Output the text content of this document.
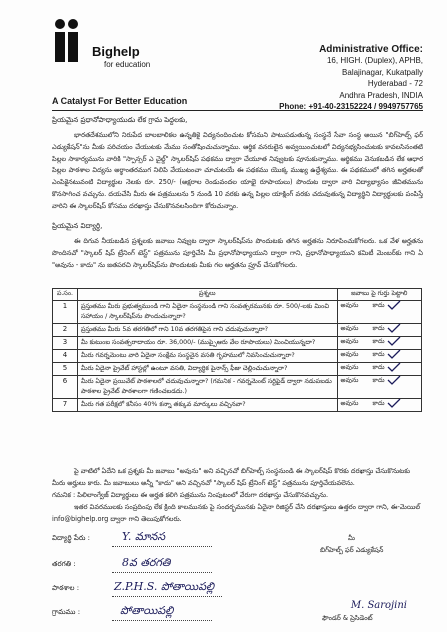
Bighelp
for education
A Catalyst For Better Education
Administrative Office:
16, HIGH. (Duplex), APHB,
Balajinagar, Kukatpally
Hyderabad - 72
Andhra Pradesh, INDIA
Phone: +91-40-23152224 / 9949757765
ప్రియమైన ప్రధానోపాధ్యాయుడు లేక గ్రామ పెద్దలకు,
భారతదేశములోని నిరుపేద బాలబాలికల ఉన్నతికై విద్యనందించుట కోసమని పాటుపడుతున్న సంస్థనే సేవా సంస్థ అయిన "బిగ్‌హెల్ప్ ఫర్ ఎడ్యుకేషన్"ను మీకు పరిచయం చేయుటకు మేము సంతోషించుచున్నాము. ఆర్థిక వనరులైన అవ్వయించుటలో విద్యనభ్యసించుటకు కావలసినంతటి పిల్లల సాకార్యమును వారికి "స్పాన్సర్ ఎ చైల్డ్" స్కాలర్‌షిప్ పథకము ద్వారా చేయూత నివ్వుటకు పూనుకున్నాము. ఆర్థికము వెనుకబడిన లేక ఆధార పిల్లల పాఠశాల విద్యను అర్థాంతరముగ నిలిపి వేయుటంచా చూచుటయే ఈ పథకము యొక్క ముఖ్య ఉద్దేశ్యము. ఈ పథకములో తగిన అర్హతలతో ఎంపికైనటువంటి విద్యార్థుల నెలకు రూ. 250/- (అక్షరాల రెండువందల యాభై రూపాయలు) పొందుట ద్వారా వారి విద్యాభ్యాసం జీవితమును కొనసాగించ వచ్చును. దయచేసి మీరు ఈ పత్రములను 5 నుండి 10 వరకు ఉన్న పిల్లల యాక్షింగ్ వరకు చదువుతున్న విద్యార్థిని విద్యార్థులకు పంపిస్తే వారిని ఈ స్కాలర్‌షిప్ కోసము దరఖాస్తు చేసుకొనవలసిందిగా కోరుచున్నాం.
ప్రియమైన విద్యార్థి,
ఈ దిగువ నీయబడిన ప్రశ్నలకు జవాబు నివ్వుట ద్వారా స్కాలర్‌షిప్‌ను పొందుటకు తగిన అర్హతను నిరూపించుకోగలరు. ఒక వేళ అర్హతను పొందినచో "స్కాలర్ షిప్ ట్రేనింగ్ టెస్ట్" పత్రమును పూర్తిచేసి మీ ప్రధానోపాధ్యాయుని ద్వారా గాని, ప్రధానోపాధ్యాయుని కమిటీ మెంబర్‌కు గాని ఏ "అవును - కాదు" ను జతపరచి స్కాలర్‌షిప్‌ను పొందుటకు మీకు గల అర్హతను ప్రూవ్ చేసుకోగలరు.
ప.సం.	ప్రశ్నలు	జవాబు పై గుర్తు పెట్టాలి
1	ప్రస్తుతము మీరు ప్రభుత్వముండి గాని ఏదైనా సంస్థనుండి గాని సంవత్సరమునకు రూ. 500/-లకు మించి సహాయం / స్కాలర్‌షిప్‌ను పొందుచున్నారా?	అవును కాదు

2	ప్రస్తుతము మీరు 5వ తరగతిలో గాని 10వ తరగతిపైన గాని చదువుచున్నారా?	అవును కాదు

3	మీ కుటుంబ సంవత్సరాదాయం రూ. 36,000/- (ముప్పైఆరు వేల రూపాయలు) మించియున్నదా?	అవును కాదు

4	మీరు గవర్నమెంటు వారి ఏదైనా సంక్షేమ సంస్థనైన వసతి గృహములో నివసించుచున్నారా?	అవును కాదు

5	మీరు ఏదైనా ప్రైవేట్ హాస్టల్లో ఉంటూ వసతి, విద్యార్థిక పైనాన్స్ ఫీజు చెల్లించుచున్నారా?	అవును కాదు

6	మీరు ఏదైనా ప్రయివేట్ పాఠశాలలో చదువుచున్నారా? (గమనిక - గవర్నమెంట్ సర్టిఫైడ్ ద్వారా నడుపబడు పాఠశాల ప్రైవేట్ పాఠశాలగా గణించబడదు.)	అవును కాదు

7	మీరు గత పరీక్షలో కనీసం 40% కన్నా తక్కువ మార్కులు వచ్చినవా?	అవును కాదు
పై వాటిలో ఏదేని ఒక ప్రశ్నకు మీ జవాబు "అవును" అని వచ్చినచో బిగ్‌హెల్ప్ సంస్థనుండి ఈ స్కాలర్‌షిప్ కొరకు దరఖాస్తు చేసుకొనుటకు మీరు అర్హులు కారు. మీ జవాబులు అన్నీ "కాదు" అని వచ్చినచో "స్కాలర్ షిప్ ట్రేనింగ్ టెస్ట్" పత్రమును పూర్తిచేయవలెను.
గమనిక : పిలిలాంగ్వేజ్ విద్యార్థులు ఈ అర్హత కలిగి పత్రమును నింపుటంలో వేరుగా దరఖాస్తు చేసుకొనవచ్చును.
ఇతర వివరములకు సంప్రదింపు లేక క్రింది కాలమునకు పై సందర్భమునకు ఏదైనా రిజిస్టర్ చేసి దరఖాస్తులు ఉత్తరం ద్వారా గాని, ఈ-మెయిల్
info@bighelp.org ద్వారా గాని తెలుపుకోగలరు.
విద్యార్థి పేరు :	Y. మానస
తరగతి :	8వ తరగతి
పాఠశాల :	Z.P.H.S. పోతాయిపల్లి
గ్రామము :	పోతాయిపల్లి
మీ
బిగ్‌హెల్ప్ ఫర్ ఎడ్యుకేషన్
M. Sarojini
ఫౌండర్ & ప్రెసిడెంట్
